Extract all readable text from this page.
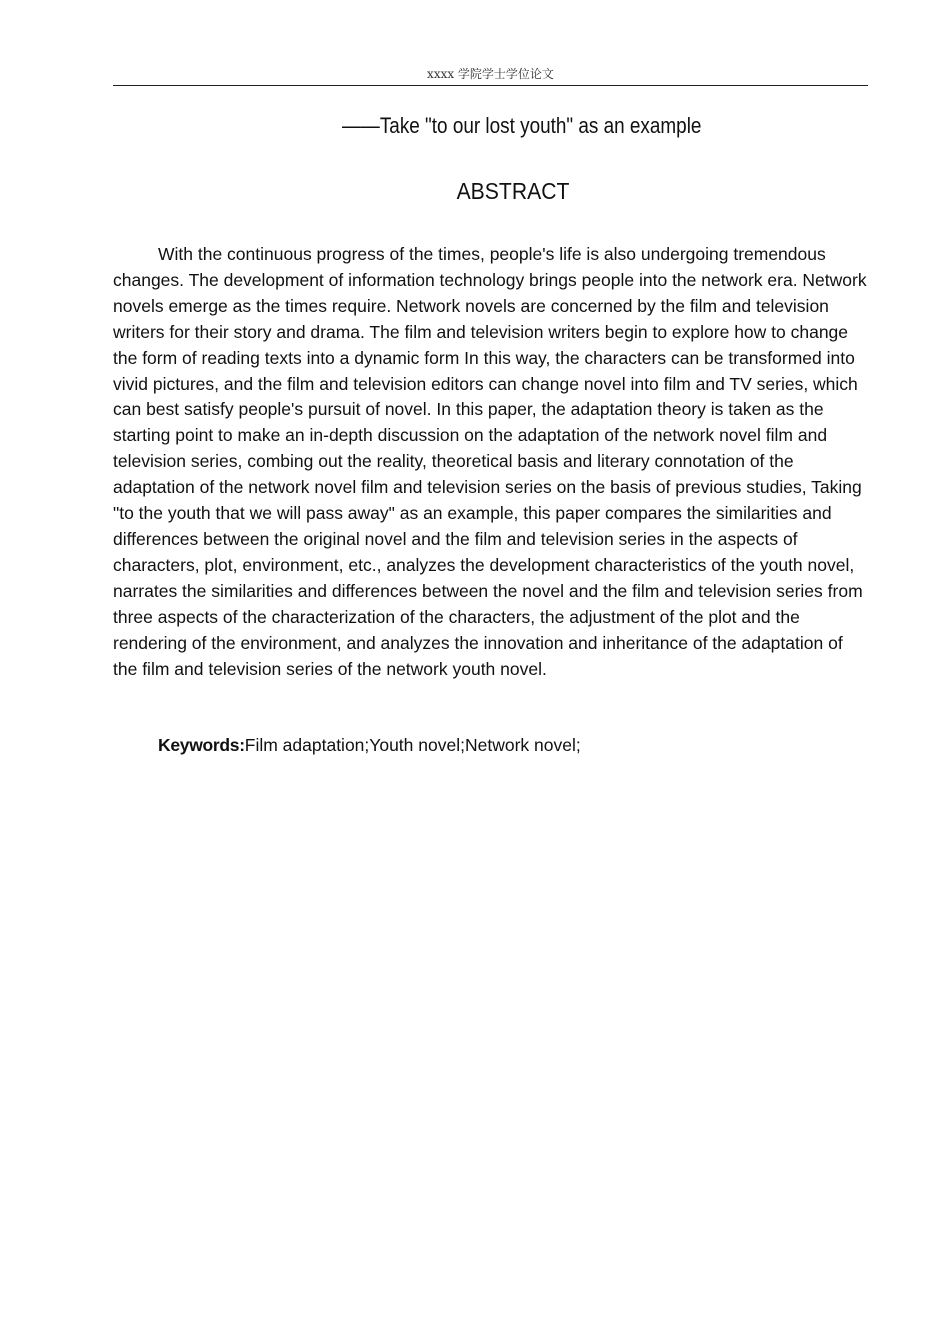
xxxx 学院学士学位论文
——Take "to our lost youth" as an example
ABSTRACT

With the continuous progress of the times, people's life is also undergoing tremendous changes. The development of information technology brings people into the network era. Network novels emerge as the times require. Network novels are concerned by the film and television writers for their story and drama. The film and television writers begin to explore how to change the form of reading texts into a dynamic form In this way, the characters can be transformed into vivid pictures, and the film and television editors can change novel into film and TV series, which can best satisfy people's pursuit of novel. In this paper, the adaptation theory is taken as the starting point to make an in-depth discussion on the adaptation of the network novel film and television series, combing out the reality, theoretical basis and literary connotation of the adaptation of the network novel film and television series on the basis of previous studies, Taking "to the youth that we will pass away" as an example, this paper compares the similarities and differences between the original novel and the film and television series in the aspects of characters, plot, environment, etc., analyzes the development characteristics of the youth novel, narrates the similarities and differences between the novel and the film and television series from three aspects of the characterization of the characters, the adjustment of the plot and the rendering of the environment, and analyzes the innovation and inheritance of the adaptation of the film and television series of the network youth novel.

Keywords:Film adaptation;Youth novel;Network novel;
